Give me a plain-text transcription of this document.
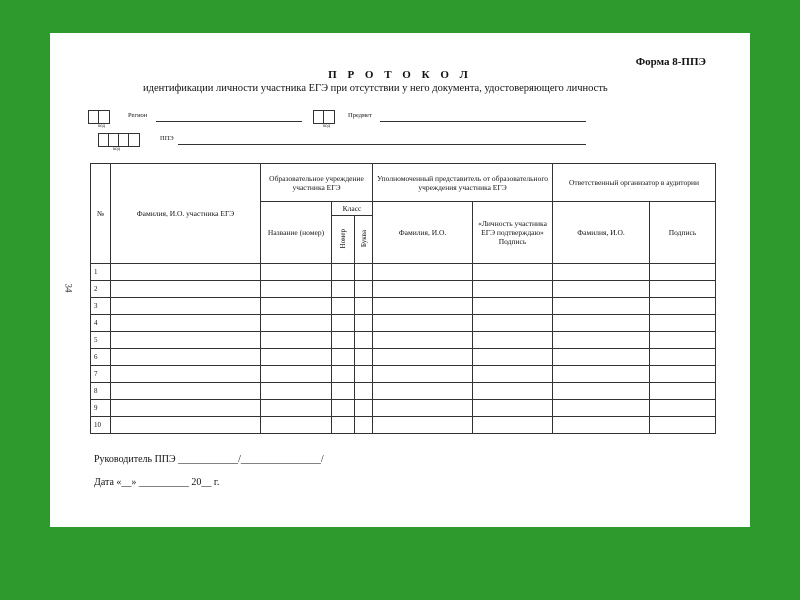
Форма 8-ППЭ
П Р О Т О К О Л
идентификации личности участника ЕГЭ при отсутствии у него документа, удостоверяющего личность
код
Регион
код
Предмет
код
ППЭ
34
№	Фамилия, И.О. участника ЕГЭ	Образовательное учреждение участника ЕГЭ			Уполномоченный представитель от образовательного учреждения участника ЕГЭ		Ответственный организатор в аудитории	
		Название (номер)	Класс		Фамилия, И.О.	«Личность участника ЕГЭ подтверждаю» Подпись	Фамилия, И.О.	Подпись
			Номер	Буква				
1								
2								
3								
4								
5								
6								
7								
8								
9								
10								
Руководитель ППЭ ____________/________________/
Дата «__» __________ 20__ г.
